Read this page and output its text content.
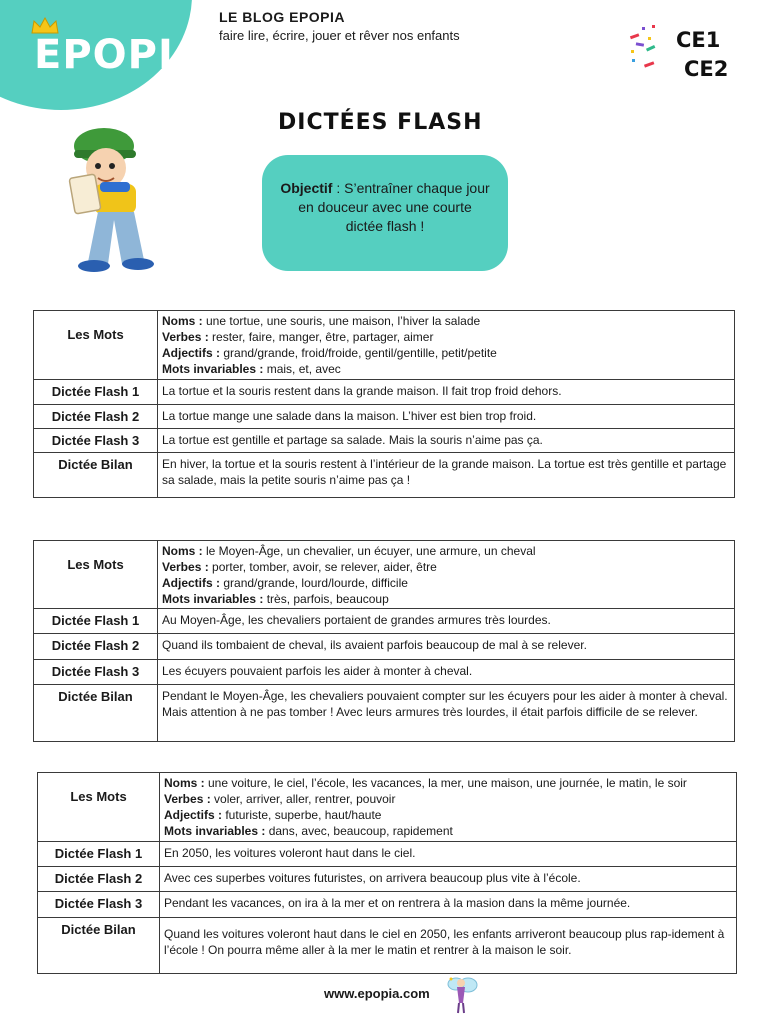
EPOPIA
LE BLOG EPOPIA
faire lire, écrire, jouer et rêver nos enfants	CE1
CE2
DICTÉES FLASH
Objectif : S’entraîner chaque jour en douceur avec une courte dictée flash !
Les Mots	Noms : une tortue, une souris, une maison, l’hiver la salade
Verbes : rester, faire, manger, être, partager, aimer
Adjectifs : grand/grande, froid/froide, gentil/gentille, petit/petite
Mots invariables : mais, et, avec

Dictée Flash 1	La tortue et la souris restent dans la grande maison. Il fait trop froid dehors.
Dictée Flash 2	La tortue mange une salade dans la maison. L’hiver est bien trop froid.
Dictée Flash 3	La tortue est gentille et partage sa salade. Mais la souris n’aime pas ça.
Dictée Bilan	En hiver, la tortue et la souris restent à l’intérieur de la grande maison. La tortue est très gentille et partage sa salade, mais la petite souris n’aime pas ça !
Les Mots	Noms : le Moyen-Âge, un chevalier, un écuyer, une armure, un cheval
Verbes : porter, tomber, avoir, se relever, aider, être
Adjectifs : grand/grande, lourd/lourde, difficile
Mots invariables : très, parfois, beaucoup

Dictée Flash 1	Au Moyen-Âge, les chevaliers portaient de grandes armures très lourdes.
Dictée Flash 2	Quand ils tombaient de cheval, ils avaient parfois beaucoup de mal à se relever.
Dictée Flash 3	Les écuyers pouvaient parfois les aider à monter à cheval.
Dictée Bilan	Pendant le Moyen-Âge, les chevaliers pouvaient compter sur les écuyers pour les aider à monter à cheval. Mais attention à ne pas tomber ! Avec leurs armures très lourdes, il était parfois difficile de se relever.
Les Mots	Noms : une voiture, le ciel, l’école, les vacances, la mer, une maison, une journée, le matin, le soir
Verbes : voler, arriver, aller, rentrer, pouvoir
Adjectifs : futuriste, superbe, haut/haute
Mots invariables : dans, avec, beaucoup, rapidement

Dictée Flash 1	En 2050, les voitures voleront haut dans le ciel.
Dictée Flash 2	Avec ces superbes voitures futuristes, on arrivera beaucoup plus vite à l’école.
Dictée Flash 3	Pendant les vacances, on ira à la mer et on rentrera à la masion dans la même journée.
Dictée Bilan	Quand les voitures voleront haut dans le ciel en 2050, les enfants arriveront beaucoup plus rap-idement à l’école ! On pourra même aller à la mer le matin et rentrer à la maison le soir.
www.epopia.com
